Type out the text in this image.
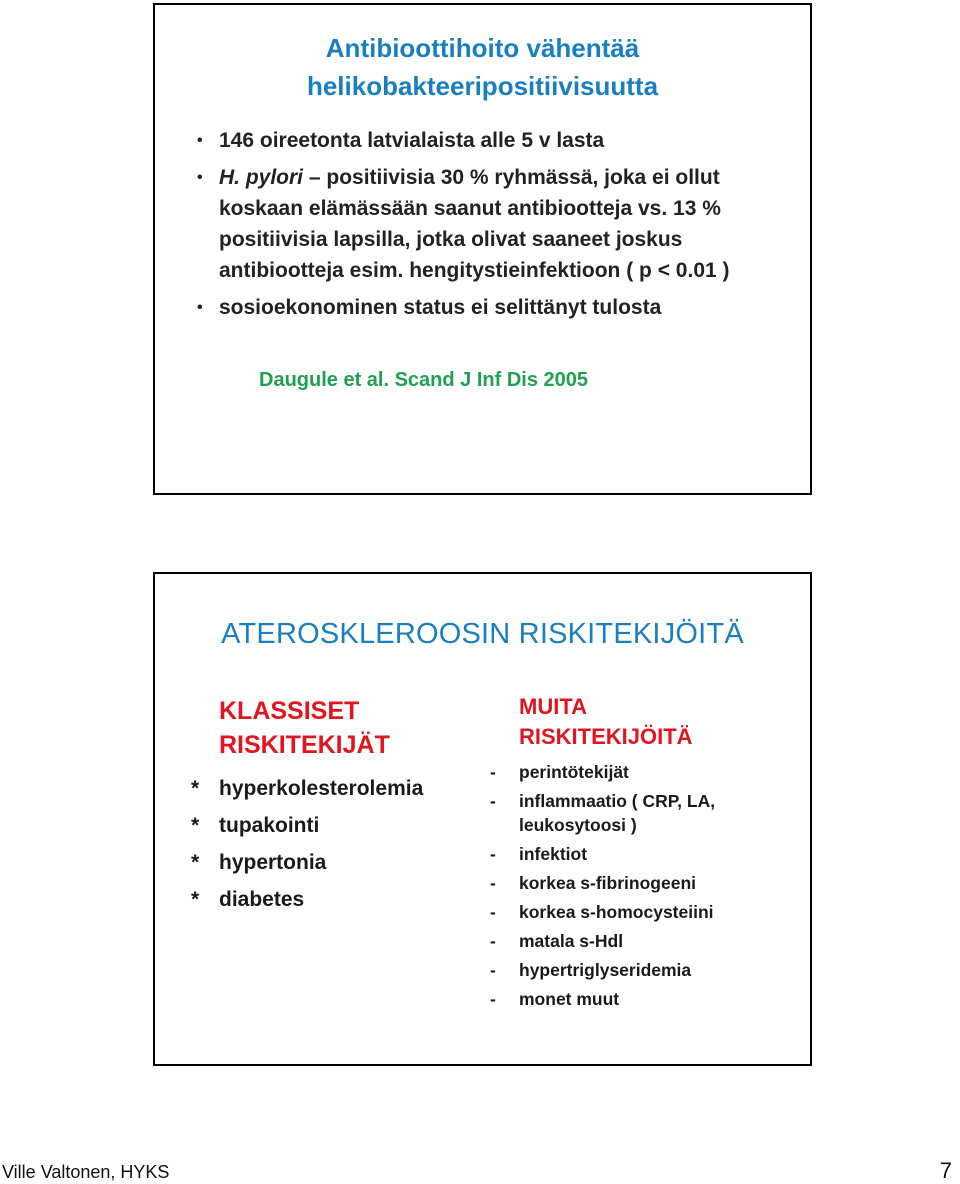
Antibioottihoito vähentää
helikobakteeripositiivisuutta
• 146 oireetonta latvialaista alle 5 v lasta
• H. pylori – positiivisia 30 % ryhmässä, joka ei ollut koskaan elämässään saanut antibiootteja vs. 13 % positiivisia lapsilla, jotka olivat saaneet joskus antibiootteja esim. hengitystieinfektioon ( p < 0.01 )
• sosioekonominen status ei selittänyt tulosta
Daugule et al. Scand J Inf Dis 2005
ATEROSKLEROOSIN RISKITEKIJÖITÄ
KLASSISET
RISKITEKIJÄT
* hyperkolesterolemia
* tupakointi
* hypertonia
* diabetes
MUITA
RISKITEKIJÖITÄ
- perintötekijät
- inflammaatio ( CRP, LA, leukosytoosi )
- infektiot
- korkea s-fibrinogeeni
- korkea s-homocysteiini
- matala s-Hdl
- hypertriglyseridemia
- monet muut
Ville Valtonen, HYKS	7
